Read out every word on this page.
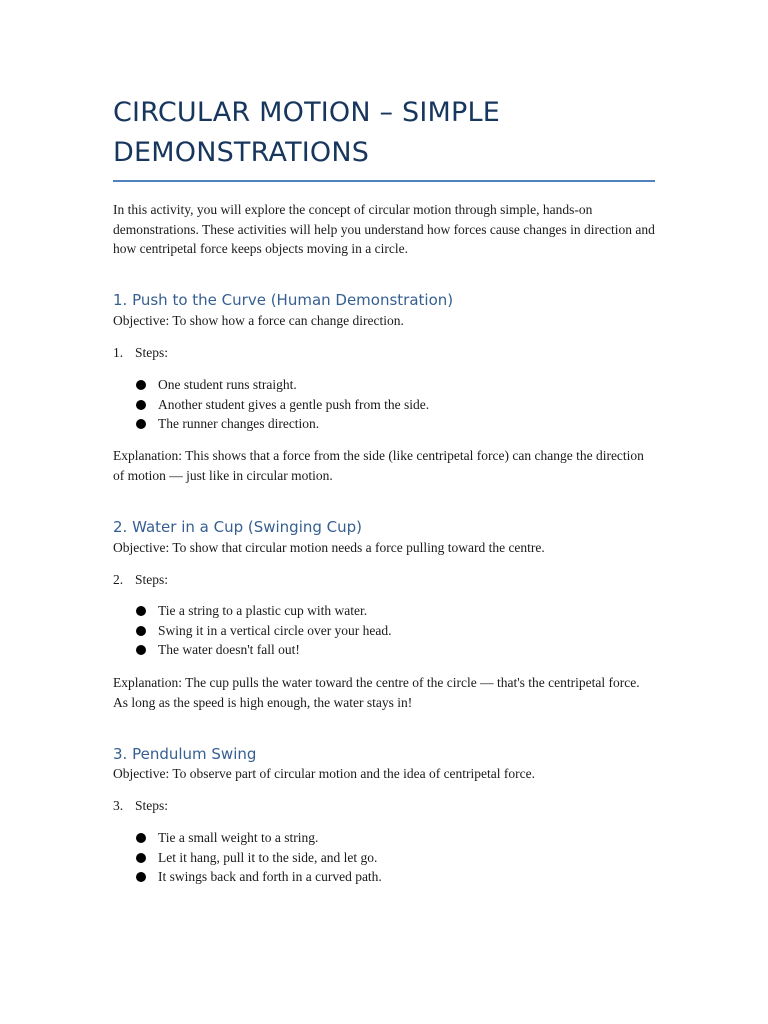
CIRCULAR MOTION – SIMPLE DEMONSTRATIONS
In this activity, you will explore the concept of circular motion through simple, hands-on demonstrations. These activities will help you understand how forces cause changes in direction and how centripetal force keeps objects moving in a circle.
1. Push to the Curve (Human Demonstration)
Objective: To show how a force can change direction.
1. Steps:
One student runs straight.
Another student gives a gentle push from the side.
The runner changes direction.
Explanation: This shows that a force from the side (like centripetal force) can change the direction of motion — just like in circular motion.
2. Water in a Cup (Swinging Cup)
Objective: To show that circular motion needs a force pulling toward the centre.
2. Steps:
Tie a string to a plastic cup with water.
Swing it in a vertical circle over your head.
The water doesn't fall out!
Explanation: The cup pulls the water toward the centre of the circle — that's the centripetal force. As long as the speed is high enough, the water stays in!
3. Pendulum Swing
Objective: To observe part of circular motion and the idea of centripetal force.
3. Steps:
Tie a small weight to a string.
Let it hang, pull it to the side, and let go.
It swings back and forth in a curved path.
